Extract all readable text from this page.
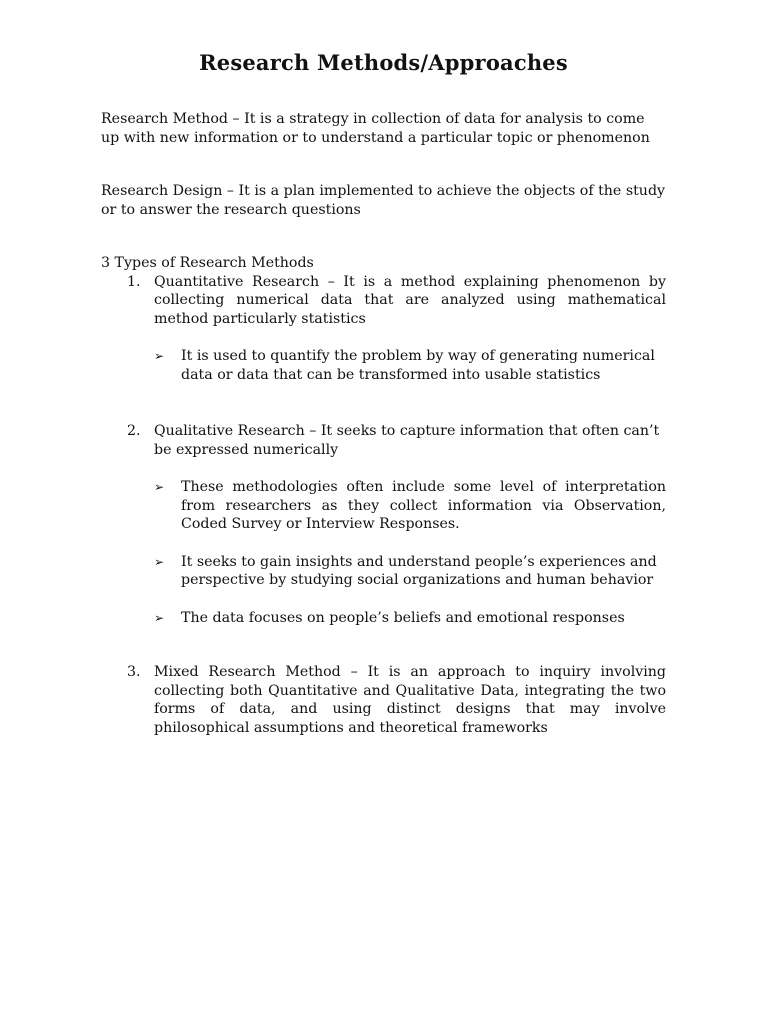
Research Methods/Approaches

Research Method – It is a strategy in collection of data for analysis to come up with new information or to understand a particular topic or phenomenon

Research Design – It is a plan implemented to achieve the objects of the study or to answer the research questions

3 Types of Research Methods

1. Quantitative Research – It is a method explaining phenomenon by collecting numerical data that are analyzed using mathematical method particularly statistics
➢ It is used to quantify the problem by way of generating numerical data or data that can be transformed into usable statistics
2. Qualitative Research – It seeks to capture information that often can’t be expressed numerically
➢ These methodologies often include some level of interpretation from researchers as they collect information via Observation, Coded Survey or Interview Responses.
➢ It seeks to gain insights and understand people’s experiences and perspective by studying social organizations and human behavior
➢ The data focuses on people’s beliefs and emotional responses
3. Mixed Research Method – It is an approach to inquiry involving collecting both Quantitative and Qualitative Data, integrating the two forms of data, and using distinct designs that may involve philosophical assumptions and theoretical frameworks
